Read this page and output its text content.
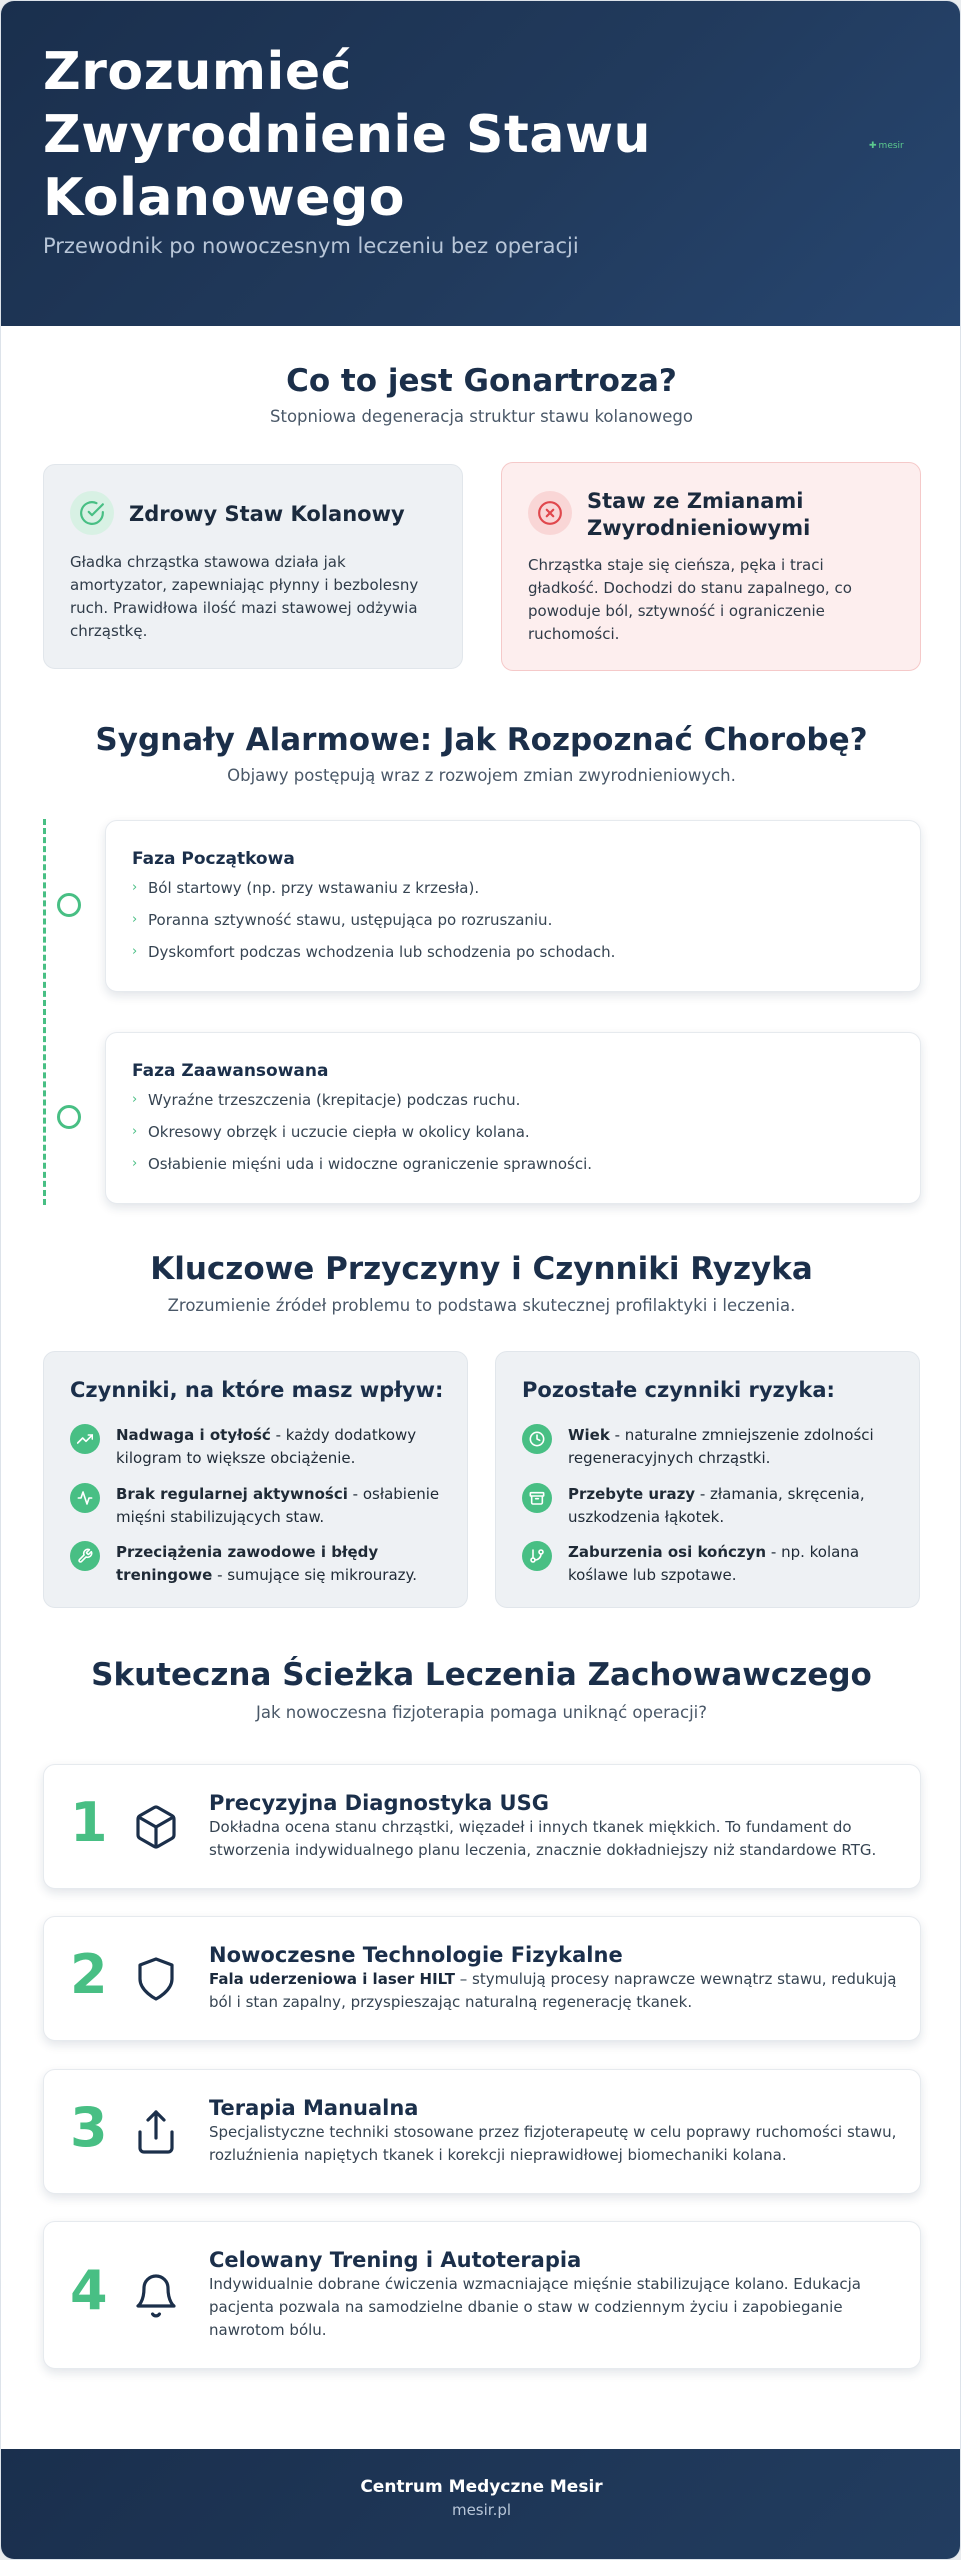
Zrozumieć Zwyrodnienie Stawu Kolanowego

Przewodnik po nowoczesnym leczeniu bez operacji

✚ mesir
Co to jest Gonartroza?
Stopniowa degeneracja struktur stawu kolanowego
Zdrowy Staw Kolanowy
Gładka chrząstka stawowa działa jak amortyzator, zapewniając płynny i bezbolesny ruch. Prawidłowa ilość mazi stawowej odżywia chrząstkę.
Staw ze Zmianami Zwyrodnieniowymi
Chrząstka staje się cieńsza, pęka i traci gładkość. Dochodzi do stanu zapalnego, co powoduje ból, sztywność i ograniczenie ruchomości.
Sygnały Alarmowe: Jak Rozpoznać Chorobę?
Objawy postępują wraz z rozwojem zmian zwyrodnieniowych.
Faza Początkowa
› Ból startowy (np. przy wstawaniu z krzesła).
› Poranna sztywność stawu, ustępująca po rozruszaniu.
› Dyskomfort podczas wchodzenia lub schodzenia po schodach.
Faza Zaawansowana
› Wyraźne trzeszczenia (krepitacje) podczas ruchu.
› Okresowy obrzęk i uczucie ciepła w okolicy kolana.
› Osłabienie mięśni uda i widoczne ograniczenie sprawności.
Kluczowe Przyczyny i Czynniki Ryzyka
Zrozumienie źródeł problemu to podstawa skutecznej profilaktyki i leczenia.
Czynniki, na które masz wpływ:
Nadwaga i otyłość - każdy dodatkowy kilogram to większe obciążenie.
Brak regularnej aktywności - osłabienie mięśni stabilizujących staw.
Przeciążenia zawodowe i błędy treningowe - sumujące się mikrourazy.
Pozostałe czynniki ryzyka:
Wiek - naturalne zmniejszenie zdolności regeneracyjnych chrząstki.
Przebyte urazy - złamania, skręcenia, uszkodzenia łąkotek.
Zaburzenia osi kończyn - np. kolana koślawe lub szpotawe.
Skuteczna Ścieżka Leczenia Zachowawczego
Jak nowoczesna fizjoterapia pomaga uniknąć operacji?
1	Precyzyjna Diagnostyka USG
Dokładna ocena stanu chrząstki, więzadeł i innych tkanek miękkich. To fundament do stworzenia indywidualnego planu leczenia, znacznie dokładniejszy niż standardowe RTG.
2	Nowoczesne Technologie Fizykalne
Fala uderzeniowa i laser HILT – stymulują procesy naprawcze wewnątrz stawu, redukują ból i stan zapalny, przyspieszając naturalną regenerację tkanek.
3	Terapia Manualna
Specjalistyczne techniki stosowane przez fizjoterapeutę w celu poprawy ruchomości stawu, rozluźnienia napiętych tkanek i korekcji nieprawidłowej biomechaniki kolana.
4	Celowany Trening i Autoterapia
Indywidualnie dobrane ćwiczenia wzmacniające mięśnie stabilizujące kolano. Edukacja pacjenta pozwala na samodzielne dbanie o staw w codziennym życiu i zapobieganie nawrotom bólu.
Centrum Medyczne Mesir
mesir.pl
